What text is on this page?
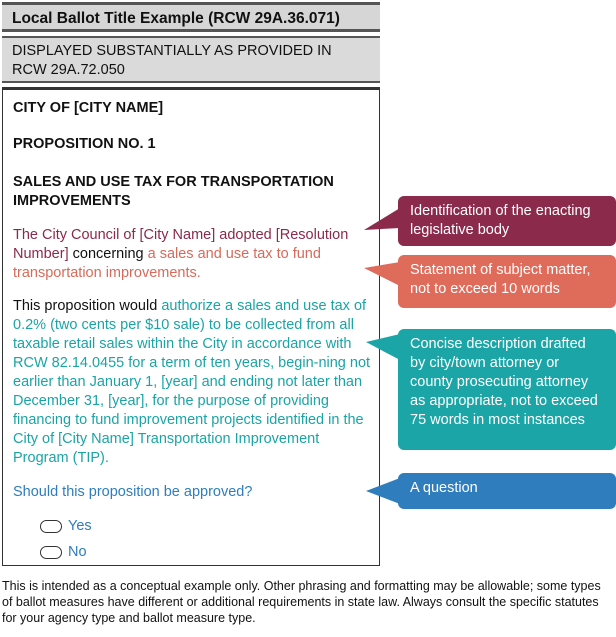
Local Ballot Title Example (RCW 29A.36.071)
DISPLAYED SUBSTANTIALLY AS PROVIDED IN RCW 29A.72.050

CITY OF [CITY NAME]

PROPOSITION NO. 1

SALES AND USE TAX FOR TRANSPORTATION IMPROVEMENTS

The City Council of [City Name] adopted [Resolution Number] concerning a sales and use tax to fund transportation improvements.

This proposition would authorize a sales and use tax of 0.2% (two cents per $10 sale) to be collected from all taxable retail sales within the City in accordance with RCW 82.14.0455 for a term of ten years, begin-ning not earlier than January 1, [year] and ending not later than December 31, [year], for the purpose of providing financing to fund improvement projects identified in the City of [City Name] Transportation Improvement Program (TIP).

Should this proposition be approved?

Yes
No
Identification of the enacting legislative body
Statement of subject matter, not to exceed 10 words
Concise description drafted by city/town attorney or county prosecuting attorney as appropriate, not to exceed 75 words in most instances
A question
This is intended as a conceptual example only. Other phrasing and formatting may be allowable; some types of ballot measures have different or additional requirements in state law. Always consult the specific statutes for your agency type and ballot measure type.
